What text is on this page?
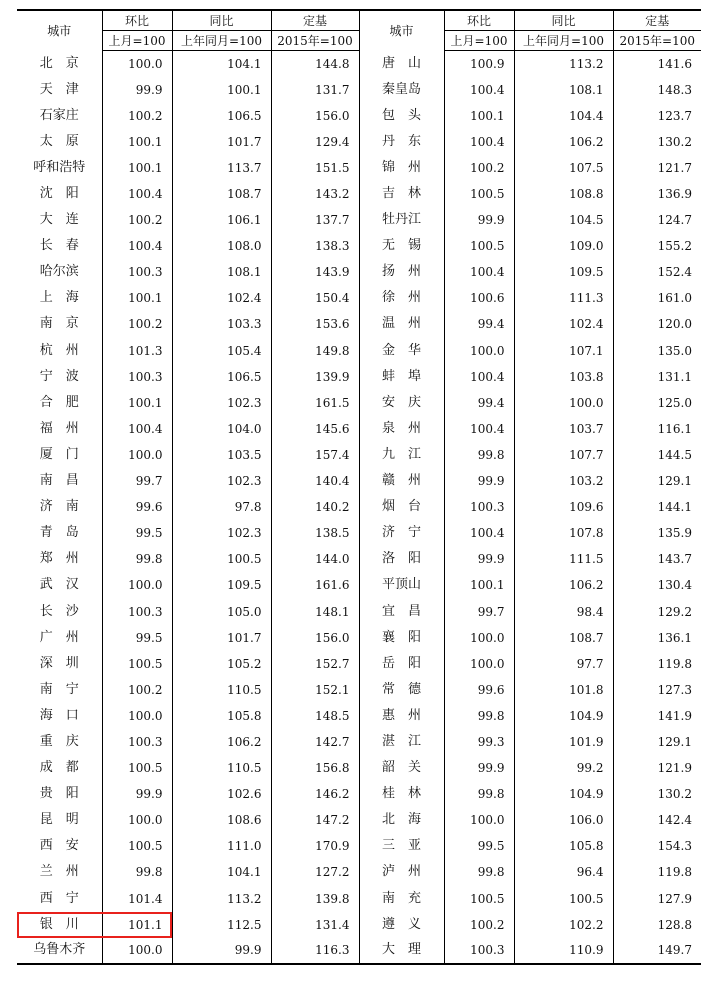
城市	环比	同比	定基	城市	环比	同比	定基
	上月=100	上年同月=100	2015年=100		上月=100	上年同月=100	2015年=100
北　京	100.0	104.1	144.8	唐　山	100.9	113.2	141.6
天　津	99.9	100.1	131.7	秦皇岛	100.4	108.1	148.3
石家庄	100.2	106.5	156.0	包　头	100.1	104.4	123.7
太　原	100.1	101.7	129.4	丹　东	100.4	106.2	130.2
呼和浩特	100.1	113.7	151.5	锦　州	100.2	107.5	121.7
沈　阳	100.4	108.7	143.2	吉　林	100.5	108.8	136.9
大　连	100.2	106.1	137.7	牡丹江	99.9	104.5	124.7
长　春	100.4	108.0	138.3	无　锡	100.5	109.0	155.2
哈尔滨	100.3	108.1	143.9	扬　州	100.4	109.5	152.4
上　海	100.1	102.4	150.4	徐　州	100.6	111.3	161.0
南　京	100.2	103.3	153.6	温　州	99.4	102.4	120.0
杭　州	101.3	105.4	149.8	金　华	100.0	107.1	135.0
宁　波	100.3	106.5	139.9	蚌　埠	100.4	103.8	131.1
合　肥	100.1	102.3	161.5	安　庆	99.4	100.0	125.0
福　州	100.4	104.0	145.6	泉　州	100.4	103.7	116.1
厦　门	100.0	103.5	157.4	九　江	99.8	107.7	144.5
南　昌	99.7	102.3	140.4	赣　州	99.9	103.2	129.1
济　南	99.6	97.8	140.2	烟　台	100.3	109.6	144.1
青　岛	99.5	102.3	138.5	济　宁	100.4	107.8	135.9
郑　州	99.8	100.5	144.0	洛　阳	99.9	111.5	143.7
武　汉	100.0	109.5	161.6	平顶山	100.1	106.2	130.4
长　沙	100.3	105.0	148.1	宜　昌	99.7	98.4	129.2
广　州	99.5	101.7	156.0	襄　阳	100.0	108.7	136.1
深　圳	100.5	105.2	152.7	岳　阳	100.0	97.7	119.8
南　宁	100.2	110.5	152.1	常　德	99.6	101.8	127.3
海　口	100.0	105.8	148.5	惠　州	99.8	104.9	141.9
重　庆	100.3	106.2	142.7	湛　江	99.3	101.9	129.1
成　都	100.5	110.5	156.8	韶　关	99.9	99.2	121.9
贵　阳	99.9	102.6	146.2	桂　林	99.8	104.9	130.2
昆　明	100.0	108.6	147.2	北　海	100.0	106.0	142.4
西　安	100.5	111.0	170.9	三　亚	99.5	105.8	154.3
兰　州	99.8	104.1	127.2	泸　州	99.8	96.4	119.8
西　宁	101.4	113.2	139.8	南　充	100.5	100.5	127.9
银　川	101.1	112.5	131.4	遵　义	100.2	102.2	128.8
乌鲁木齐	100.0	99.9	116.3	大　理	100.3	110.9	149.7
